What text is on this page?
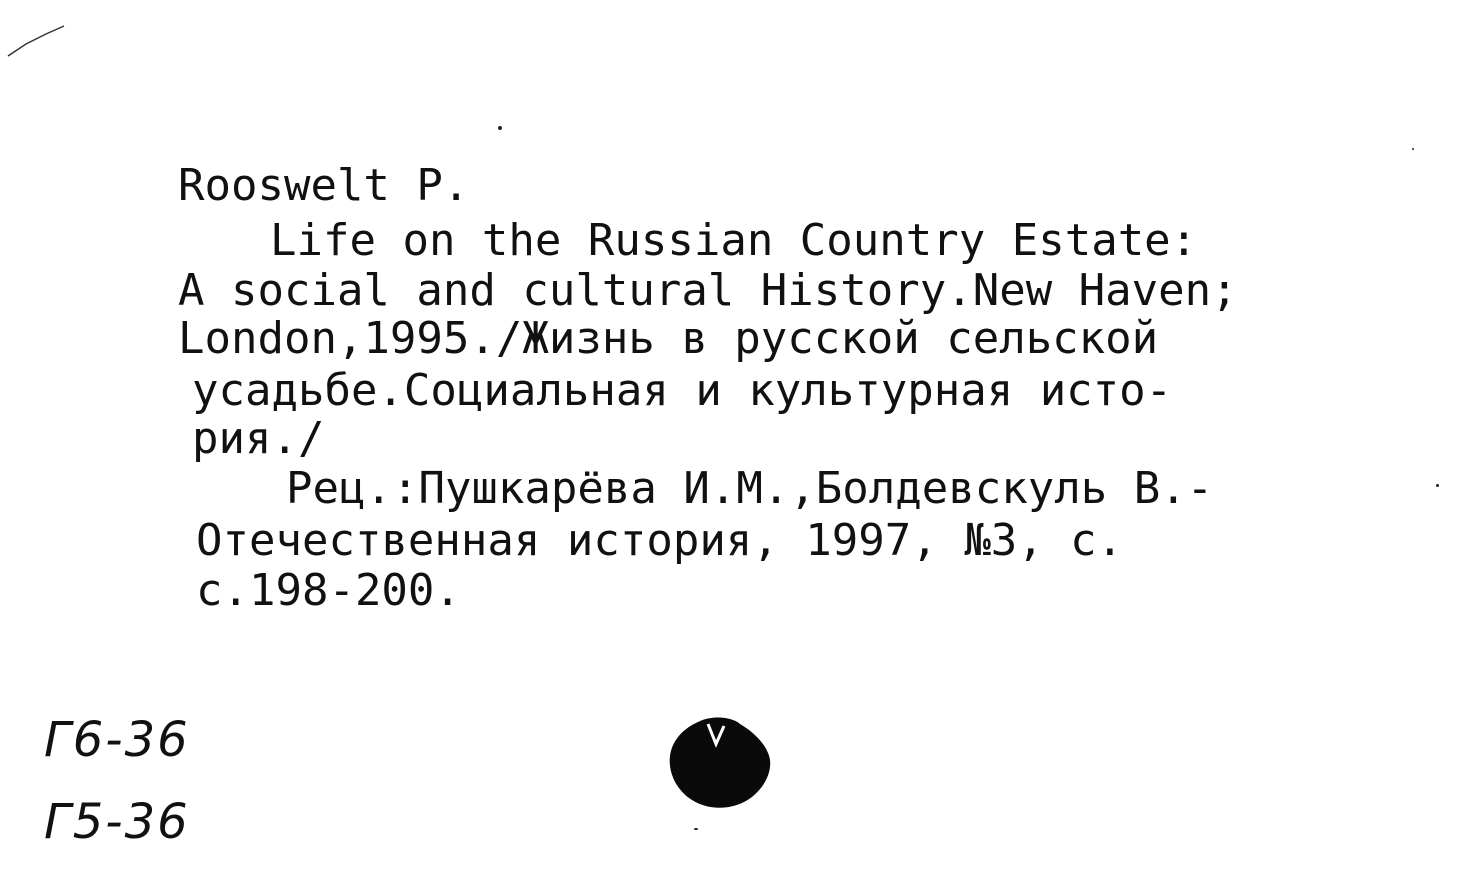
Rooswelt P.

Life on the Russian Country Estate:

A social and cultural History.New Haven;

London,1995./Жизнь в русской сельской

усадьбе.Социальная и культурная исто-

рия./

Рец.:Пушкарёва И.М.,Болдевскуль В.-

Отечественная история, 1997, №3, с.

с.198-200.

Г6-36
Г5-36
